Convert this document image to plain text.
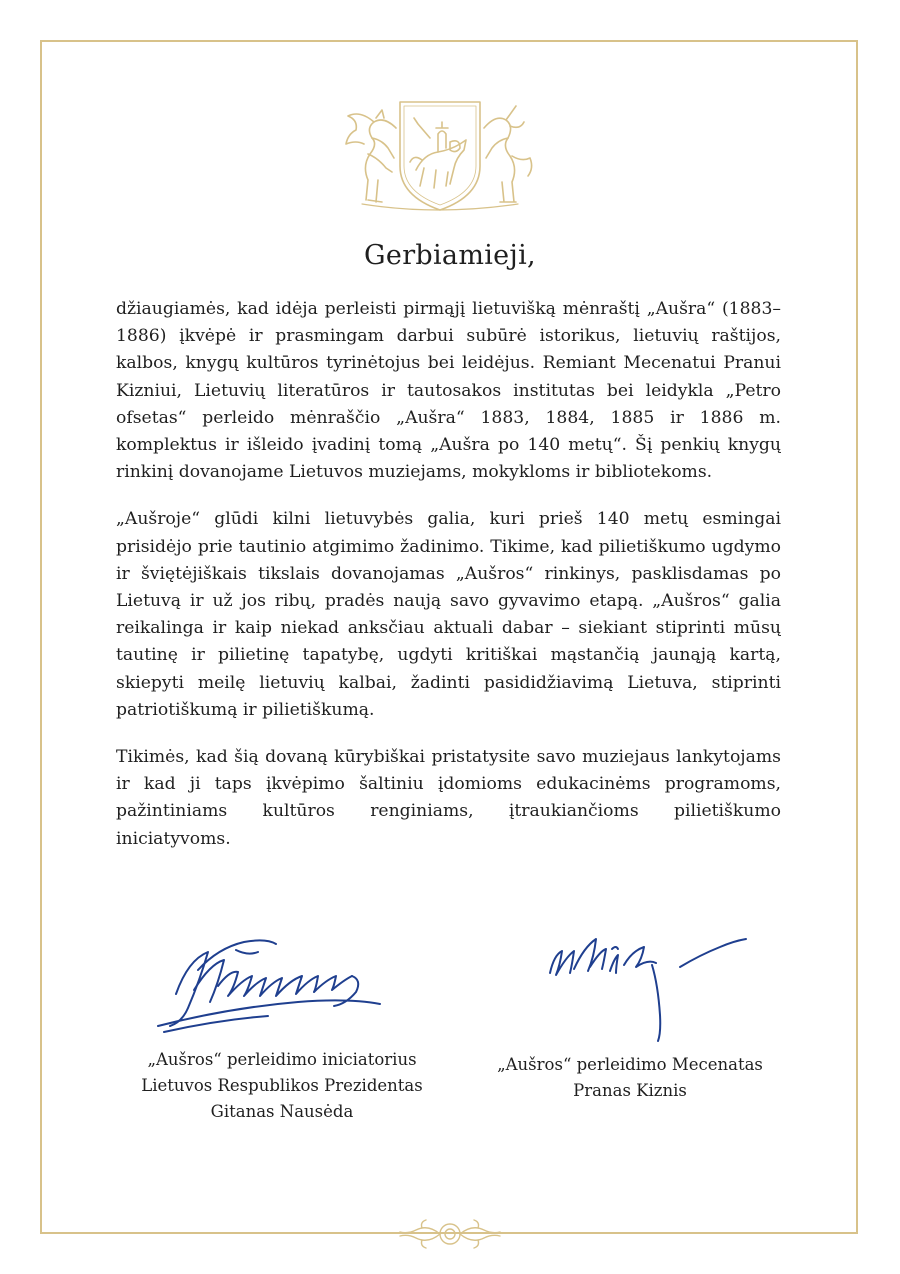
Gerbiamieji,

džiaugiamės, kad idėja perleisti pirmąjį lietuvišką mėnraštį „Aušra“ (1883–1886) įkvėpė ir prasmingam darbui subūrė istorikus, lietuvių raštijos, kalbos, knygų kultūros tyrinėtojus bei leidėjus. Remiant Mecenatui Pranui Kizniui, Lietuvių literatūros ir tautosakos institutas bei leidykla „Petro ofsetas“ perleido mėnraščio „Aušra“ 1883, 1884, 1885 ir 1886 m. komplektus ir išleido įvadinį tomą „Aušra po 140 metų“. Šį penkių knygų rinkinį dovanojame Lietuvos muziejams, mokykloms ir bibliotekoms.

„Aušroje“ glūdi kilni lietuvybės galia, kuri prieš 140 metų esmingai prisidėjo prie tautinio atgimimo žadinimo. Tikime, kad pilietiškumo ugdymo ir šviętėjiškais tikslais dovanojamas „Aušros“ rinkinys, pasklisdamas po Lietuvą ir už jos ribų, pradės naują savo gyvavimo etapą. „Aušros“ galia reikalinga ir kaip niekad anksčiau aktuali dabar – siekiant stiprinti mūsų tautinę ir pilietinę tapatybę, ugdyti kritiškai mąstančią jaunąją kartą, skiepyti meilę lietuvių kalbai, žadinti pasididžiavimą Lietuva, stiprinti patriotiškumą ir pilietiškumą.

Tikimės, kad šią dovaną kūrybiškai pristatysite savo muziejaus lankytojams ir kad ji taps įkvėpimo šaltiniu įdomioms edukacinėms programoms, pažintiniams kultūros renginiams, įtraukiančioms pilietiškumo iniciatyvoms.

„Aušros“ perleidimo iniciatorius
Lietuvos Respublikos Prezidentas
Gitanas Nausėda
„Aušros“ perleidimo Mecenatas
Pranas Kiznis
